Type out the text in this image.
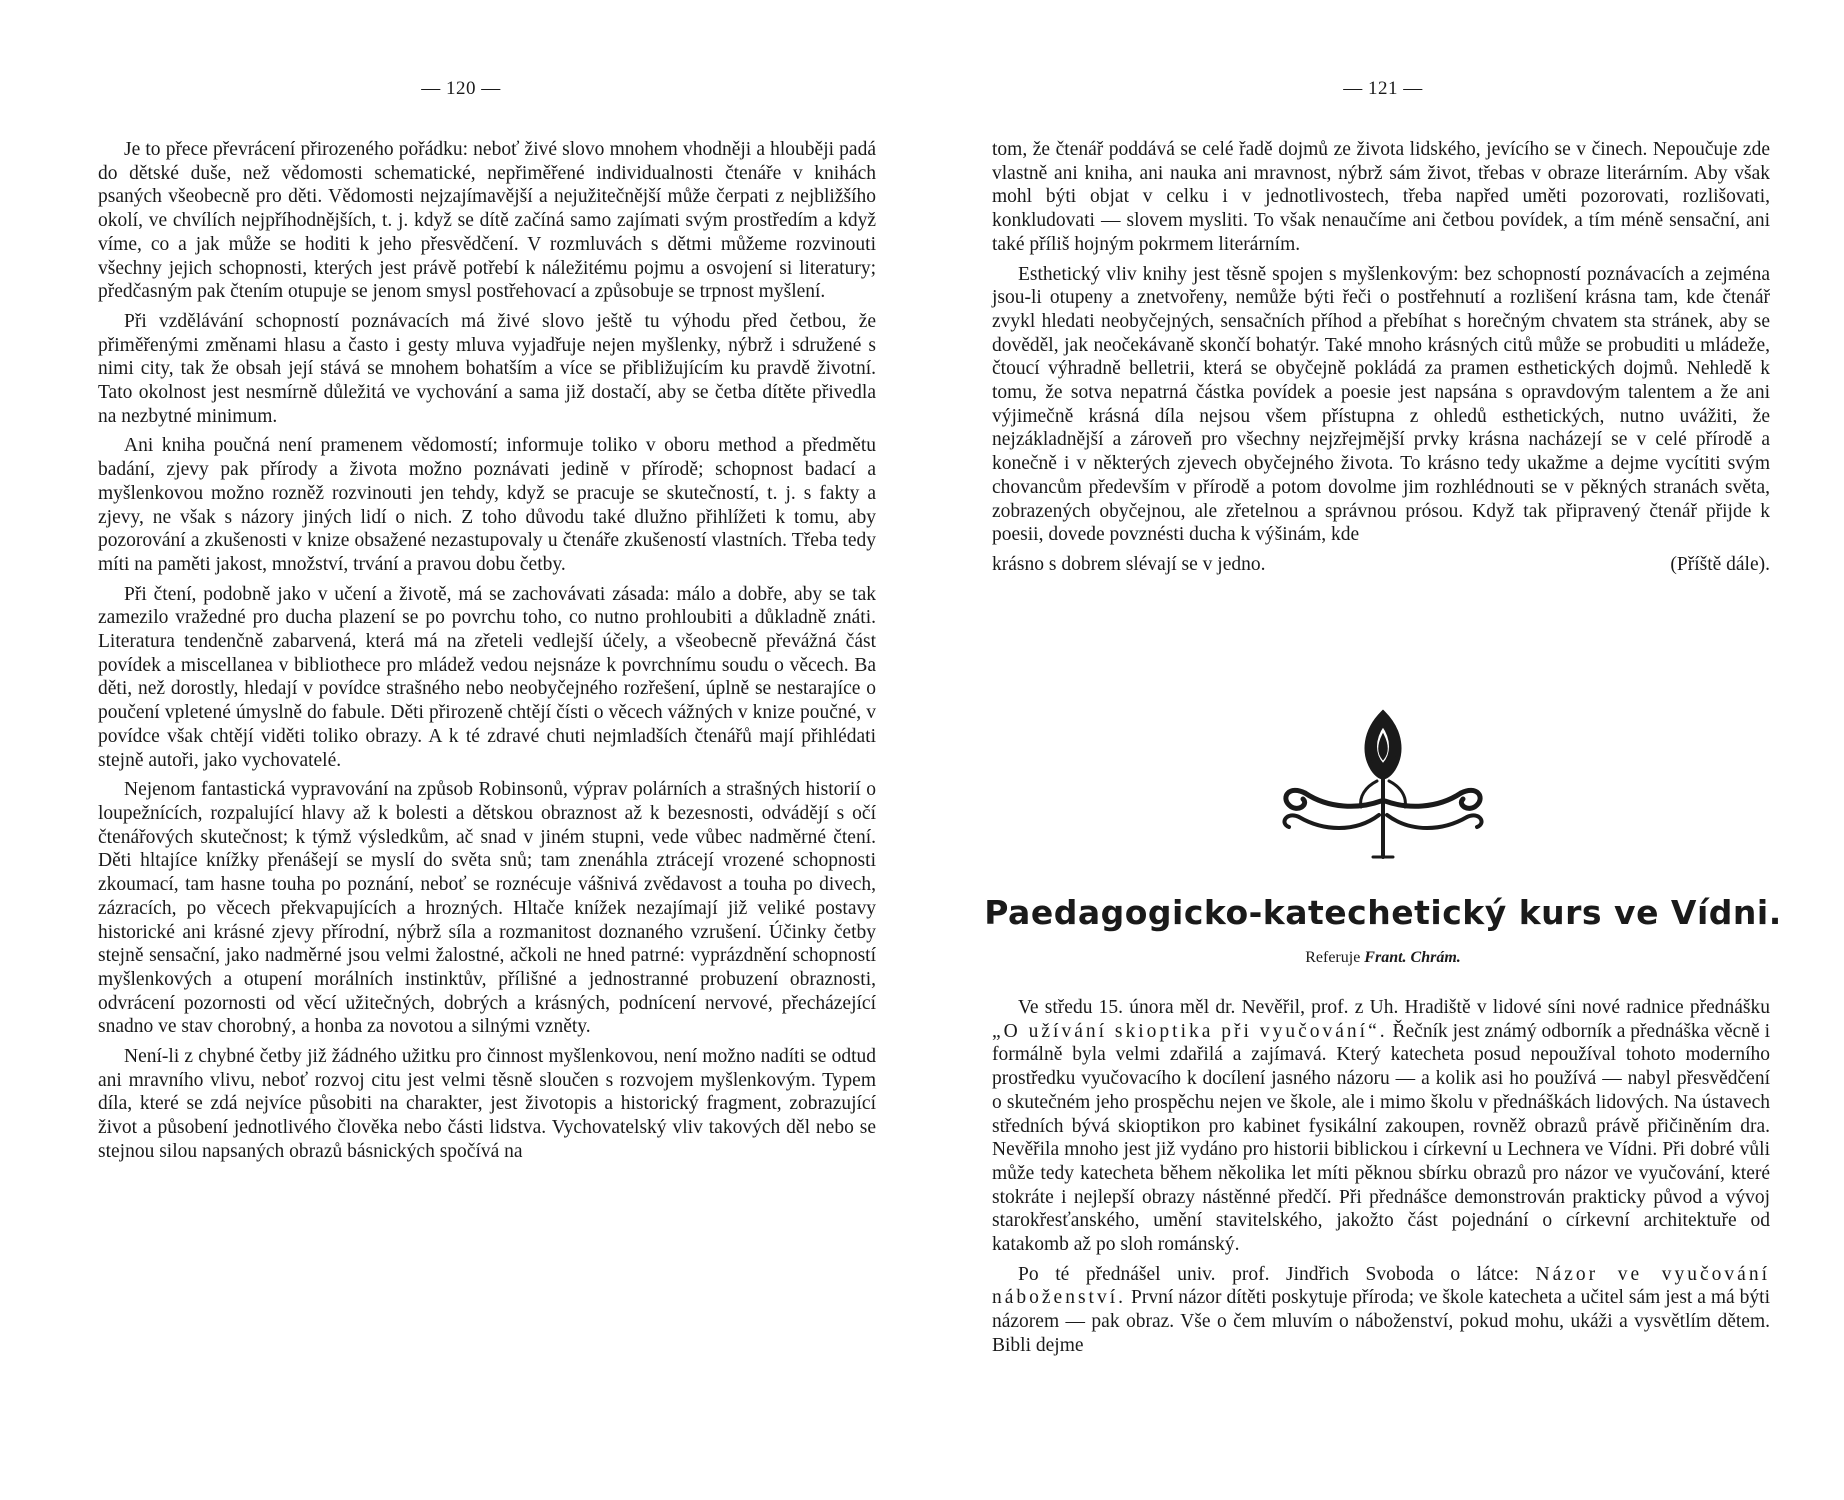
— 120 —

Je to přece převrácení přirozeného pořádku: neboť živé slovo mnohem vhodněji a hlouběji padá do dětské duše, než vědomosti schematické, nepřiměřené individualnosti čtenáře v knihách psaných všeobecně pro děti. Vědomosti nejzajímavější a nejužitečnější může čerpati z nejbližšího okolí, ve chvílích nejpříhodnějších, t. j. když se dítě začíná samo zajímati svým prostředím a když víme, co a jak může se hoditi k jeho přesvědčení. V rozmluvách s dětmi můžeme rozvinouti všechny jejich schopnosti, kterých jest právě potřebí k náležitému pojmu a osvojení si literatury; předčasným pak čtením otupuje se jenom smysl postřehovací a způsobuje se trpnost myšlení.

Při vzdělávání schopností poznávacích má živé slovo ještě tu výhodu před četbou, že přiměřenými změnami hlasu a často i gesty mluva vyjadřuje nejen myšlenky, nýbrž i sdružené s nimi city, tak že obsah její stává se mnohem bohatším a více se přibližujícím ku pravdě životní. Tato okolnost jest nesmírně důležitá ve vychování a sama již dostačí, aby se četba dítěte přivedla na nezbytné minimum.

Ani kniha poučná není pramenem vědomostí; informuje toliko v oboru method a předmětu badání, zjevy pak přírody a života možno poznávati jedině v přírodě; schopnost badací a myšlenkovou možno rozněž rozvinouti jen tehdy, když se pracuje se skutečností, t. j. s fakty a zjevy, ne však s názory jiných lidí o nich. Z toho důvodu také dlužno přihlížeti k tomu, aby pozorování a zkušenosti v knize obsažené nezastupovaly u čtenáře zkušeností vlastních. Třeba tedy míti na paměti jakost, množství, trvání a pravou dobu četby.

Při čtení, podobně jako v učení a životě, má se zachovávati zásada: málo a dobře, aby se tak zamezilo vražedné pro ducha plazení se po povrchu toho, co nutno prohloubiti a důkladně znáti. Literatura tendenčně zabarvená, která má na zřeteli vedlejší účely, a všeobecně převážná část povídek a miscellanea v bibliothece pro mládež vedou nejsnáze k povrchnímu soudu o věcech. Ba děti, než dorostly, hledají v povídce strašného nebo neobyčejného rozřešení, úplně se nestarajíce o poučení vpletené úmyslně do fabule. Děti přirozeně chtějí čísti o věcech vážných v knize poučné, v povídce však chtějí viděti toliko obrazy. A k té zdravé chuti nejmladších čtenářů mají přihlédati stejně autoři, jako vychovatelé.

Nejenom fantastická vypravování na způsob Robinsonů, výprav polárních a strašných historií o loupežnících, rozpalující hlavy až k bolesti a dětskou obraznost až k bezesnosti, odvádějí s očí čtenářových skutečnost; k týmž výsledkům, ač snad v jiném stupni, vede vůbec nadměrné čtení. Děti hltajíce knížky přenášejí se myslí do světa snů; tam znenáhla ztrácejí vrozené schopnosti zkoumací, tam hasne touha po poznání, neboť se roznécuje vášnivá zvědavost a touha po divech, zázracích, po věcech překvapujících a hrozných. Hltače knížek nezajímají již veliké postavy historické ani krásné zjevy přírodní, nýbrž síla a rozmanitost doznaného vzrušení. Účinky četby stejně sensační, jako nadměrné jsou velmi žalostné, ačkoli ne hned patrné: vyprázdnění schopností myšlenkových a otupení morálních instinktův, přílišné a jednostranné probuzení obraznosti, odvrácení pozornosti od věcí užitečných, dobrých a krásných, podnícení nervové, přecházející snadno ve stav chorobný, a honba za novotou a silnými vzněty.

Není-li z chybné četby již žádného užitku pro činnost myšlenkovou, není možno nadíti se odtud ani mravního vlivu, neboť rozvoj citu jest velmi těsně sloučen s rozvojem myšlenkovým. Typem díla, které se zdá nejvíce působiti na charakter, jest životopis a historický fragment, zobrazující život a působení jednotlivého člověka nebo části lidstva. Vychovatelský vliv takových děl nebo se stejnou silou napsaných obrazů básnických spočívá na

— 121 —

tom, že čtenář poddává se celé řadě dojmů ze života lidského, jevícího se v činech. Nepoučuje zde vlastně ani kniha, ani nauka ani mravnost, nýbrž sám život, třebas v obraze literárním. Aby však mohl býti objat v celku i v jednotlivostech, třeba napřed uměti pozorovati, rozlišovati, konkludovati — slovem mysliti. To však nenaučíme ani četbou povídek, a tím méně sensační, ani také příliš hojným pokrmem literárním.

Esthetický vliv knihy jest těsně spojen s myšlenkovým: bez schopností poznávacích a zejména jsou-li otupeny a znetvořeny, nemůže býti řeči o postřehnutí a rozlišení krásna tam, kde čtenář zvykl hledati neobyčejných, sensačních příhod a přebíhat s horečným chvatem sta stránek, aby se dověděl, jak neočekávaně skončí bohatýr. Také mnoho krásných citů může se probuditi u mládeže, čtoucí výhradně belletrii, která se obyčejně pokládá za pramen esthetických dojmů. Nehledě k tomu, že sotva nepatrná částka povídek a poesie jest napsána s opravdovým talentem a že ani výjimečně krásná díla nejsou všem přístupna z ohledů esthetických, nutno uvážiti, že nejzákladnější a zároveň pro všechny nejzřejmější prvky krásna nacházejí se v celé přírodě a konečně i v některých zjevech obyčejného života. To krásno tedy ukažme a dejme vycítiti svým chovancům především v přírodě a potom dovolme jim rozhlédnouti se v pěkných stranách světa, zobrazených obyčejnou, ale zřetelnou a správnou prósou. Když tak připravený čtenář přijde k poesii, dovede povznésti ducha k výšinám, kde

krásno s dobrem slévají se v jedno.	(Příště dále).
Paedagogicko-katechetický kurs ve Vídni.
Referuje Frant. Chrám.

Ve středu 15. února měl dr. Nevěřil, prof. z Uh. Hradiště v lidové síni nové radnice přednášku „O užívání skioptika při vyučování“. Řečník jest známý odborník a přednáška věcně i formálně byla velmi zdařilá a zajímavá. Který katecheta posud nepoužíval tohoto moderního prostředku vyučovacího k docílení jasného názoru — a kolik asi ho používá — nabyl přesvědčení o skutečném jeho prospěchu nejen ve škole, ale i mimo školu v přednáškách lidových. Na ústavech středních bývá skioptikon pro kabinet fysikální zakoupen, rovněž obrazů právě přičiněním dra. Nevěřila mnoho jest již vydáno pro historii biblickou i církevní u Lechnera ve Vídni. Při dobré vůli může tedy katecheta během několika let míti pěknou sbírku obrazů pro názor ve vyučování, které stokráte i nejlepší obrazy nástěnné předčí. Při přednášce demonstrován prakticky původ a vývoj starokřesťanského, umění stavitelského, jakožto část pojednání o církevní architektuře od katakomb až po sloh románský.

Po té přednášel univ. prof. Jindřich Svoboda o látce: Názor ve vyučování náboženství. První názor dítěti poskytuje příroda; ve škole katecheta a učitel sám jest a má býti názorem — pak obraz. Vše o čem mluvím o náboženství, pokud mohu, ukáži a vysvětlím dětem. Bibli dejme
